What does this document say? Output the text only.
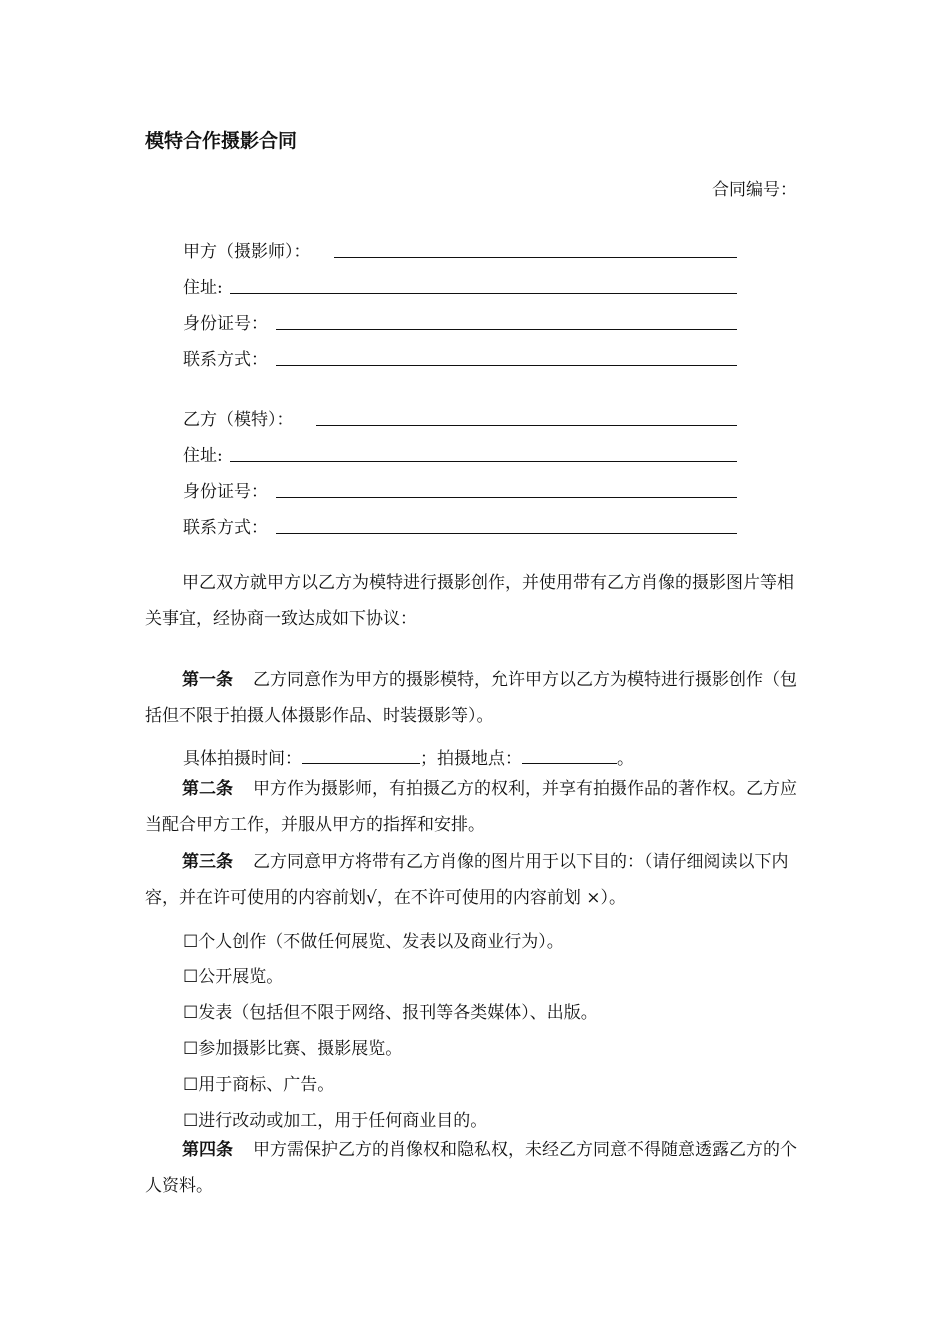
模特合作摄影合同
合同编号：
甲方（摄影师）：
住址:
身份证号：
联系方式：
乙方（模特）：
住址:
身份证号：
联系方式：
甲乙双方就甲方以乙方为模特进行摄影创作，并使用带有乙方肖像的摄影图片等相关事宜，经协商一致达成如下协议：
第一条 乙方同意作为甲方的摄影模特，允许甲方以乙方为模特进行摄影创作（包括但不限于拍摄人体摄影作品、时装摄影等）。
具体拍摄时间：	；拍摄地点：	。
第二条 甲方作为摄影师，有拍摄乙方的权利，并享有拍摄作品的著作权。乙方应当配合甲方工作，并服从甲方的指挥和安排。
第三条 乙方同意甲方将带有乙方肖像的图片用于以下目的：（请仔细阅读以下内容，并在许可使用的内容前划√，在不许可使用的内容前划 ×）。
☐个人创作（不做任何展览、发表以及商业行为）。
☐公开展览。
☐发表（包括但不限于网络、报刊等各类媒体）、出版。
☐参加摄影比赛、摄影展览。
☐用于商标、广告。
☐进行改动或加工，用于任何商业目的。
第四条 甲方需保护乙方的肖像权和隐私权，未经乙方同意不得随意透露乙方的个人资料。
